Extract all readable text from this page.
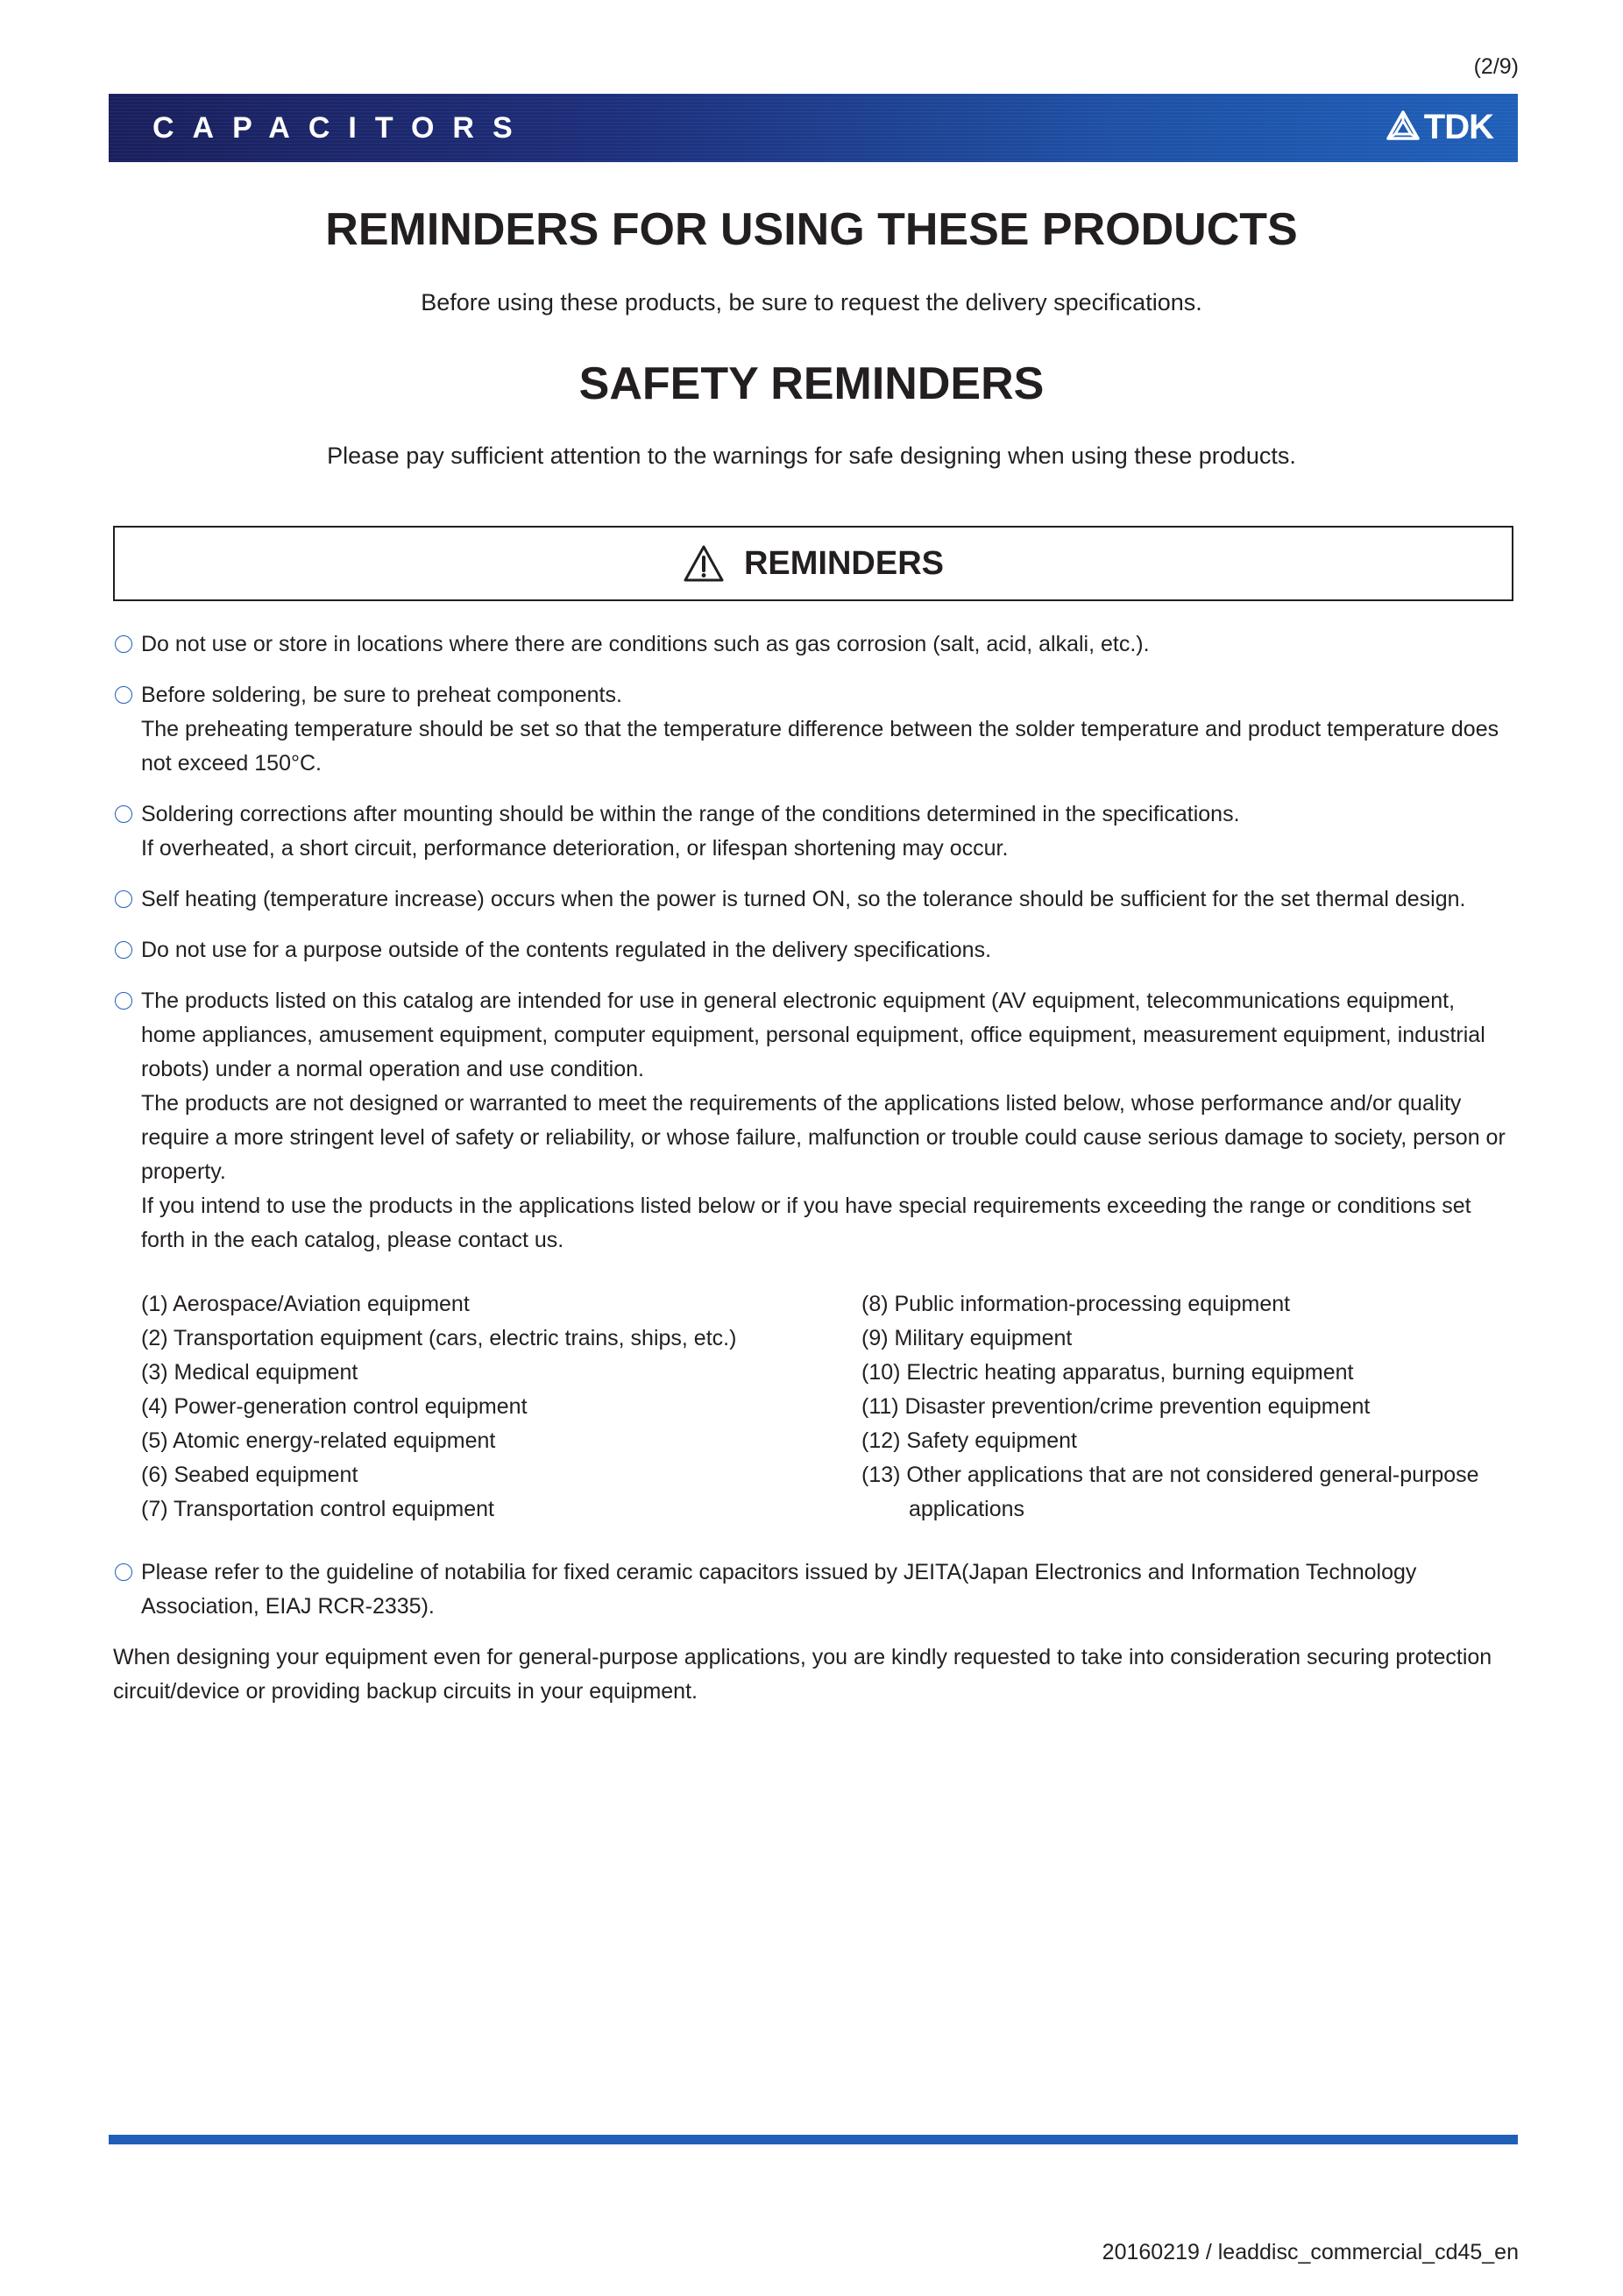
(2/9)
CAPACITORS	TDK
REMINDERS FOR USING THESE PRODUCTS
Before using these products, be sure to request the delivery specifications.
SAFETY REMINDERS
Please pay sufficient attention to the warnings for safe designing when using these products.
REMINDERS

Do not use or store in locations where there are conditions such as gas corrosion (salt, acid, alkali, etc.).

Before soldering, be sure to preheat components.

The preheating temperature should be set so that the temperature difference between the solder temperature and product temperature does not exceed 150°C.

Soldering corrections after mounting should be within the range of the conditions determined in the specifications.

If overheated, a short circuit, performance deterioration, or lifespan shortening may occur.

Self heating (temperature increase) occurs when the power is turned ON, so the tolerance should be sufficient for the set thermal design.

Do not use for a purpose outside of the contents regulated in the delivery specifications.

The products listed on this catalog are intended for use in general electronic equipment (AV equipment, telecommunications equipment, home appliances, amusement equipment, computer equipment, personal equipment, office equipment, measurement equipment, industrial robots) under a normal operation and use condition.

The products are not designed or warranted to meet the requirements of the applications listed below, whose performance and/or quality require a more stringent level of safety or reliability, or whose failure, malfunction or trouble could cause serious damage to society, person or property.

If you intend to use the products in the applications listed below or if you have special requirements exceeding the range or conditions set forth in the each catalog, please contact us.

(1) Aerospace/Aviation equipment
(2) Transportation equipment (cars, electric trains, ships, etc.)
(3) Medical equipment
(4) Power-generation control equipment
(5) Atomic energy-related equipment
(6) Seabed equipment
(7) Transportation control equipment
(8) Public information-processing equipment
(9) Military equipment
(10) Electric heating apparatus, burning equipment
(11) Disaster prevention/crime prevention equipment
(12) Safety equipment
(13) Other applications that are not considered general-purpose
applications

Please refer to the guideline of notabilia for fixed ceramic capacitors issued by JEITA(Japan Electronics and Information Technology Association, EIAJ RCR-2335).

When designing your equipment even for general-purpose applications, you are kindly requested to take into consideration securing protection circuit/device or providing backup circuits in your equipment.

20160219 / leaddisc_commercial_cd45_en
